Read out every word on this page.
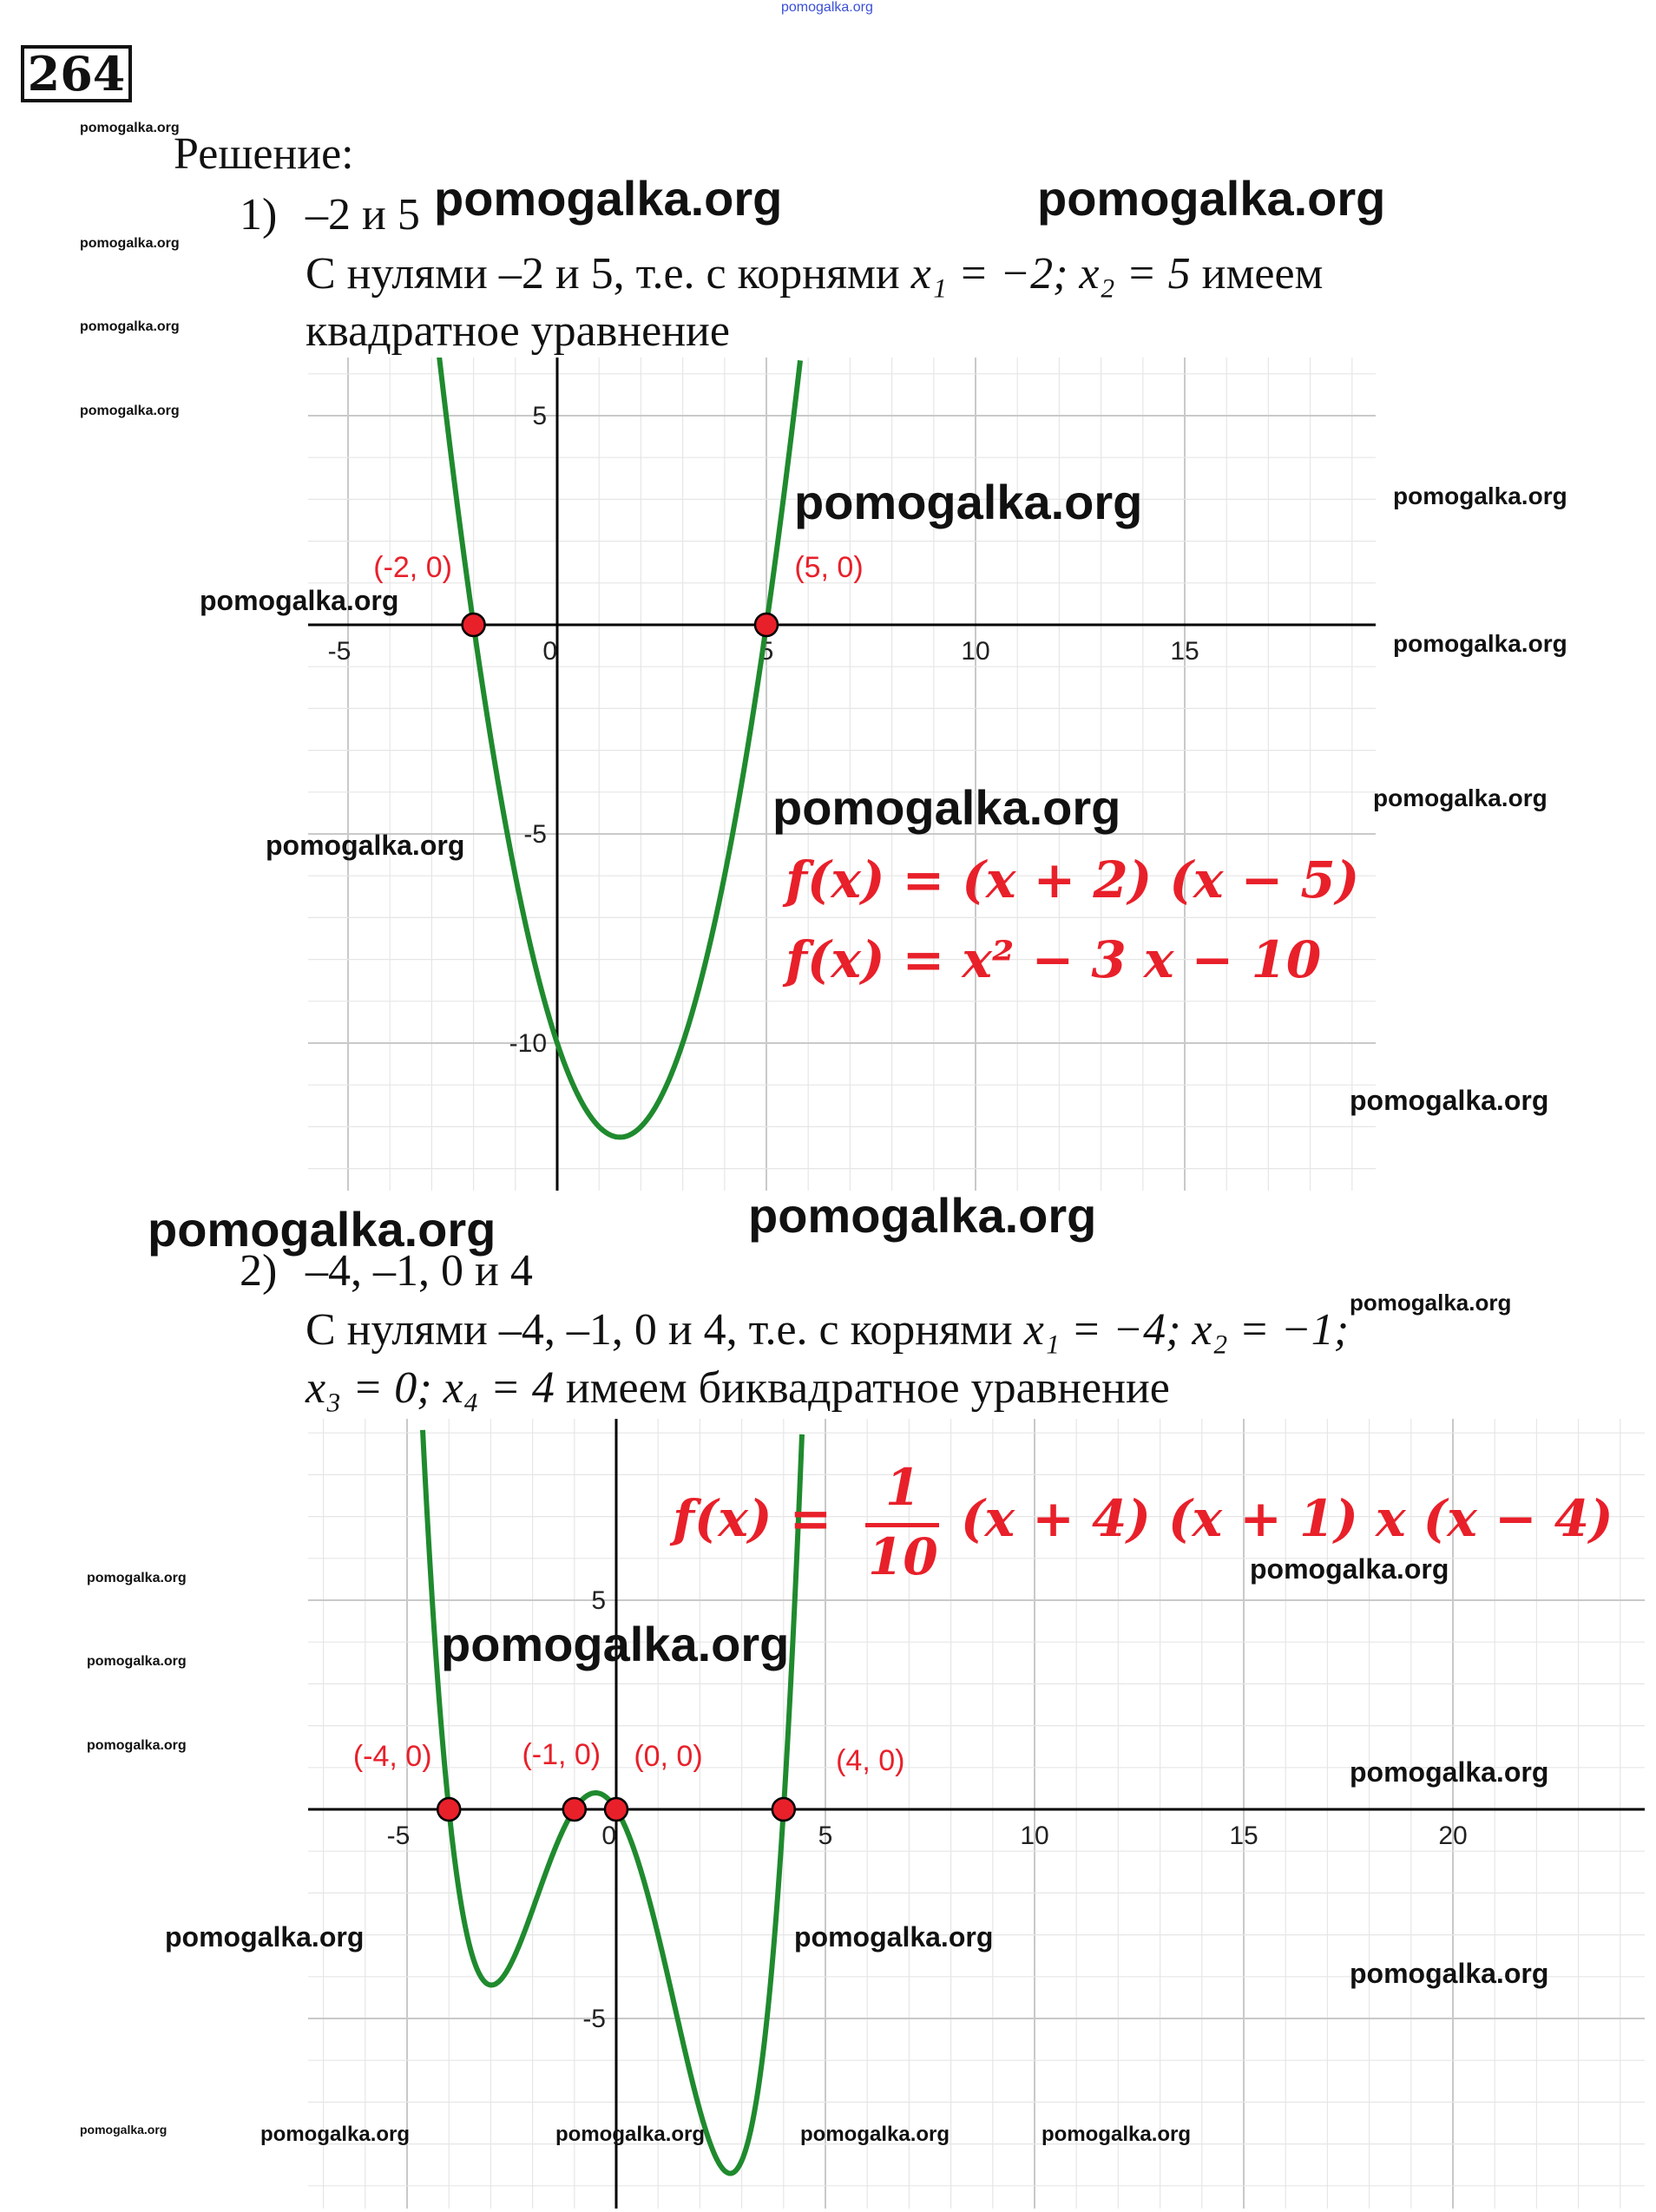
pomogalka.org
264
Решение:
1) –2 и 5
С нулями –2 и 5, т.е. с корнями x₁ = −2; x₂ = 5 имеем
квадратное уравнение
-5	0	5	10	15
5
-5
-10
(-2, 0)	(5, 0)
f(x) = (x + 2) (x − 5)
f(x) = x² − 3 x − 10
2) –4, –1, 0 и 4
С нулями –4, –1, 0 и 4, т.е. с корнями x₁ = −4; x₂ = −1;
x₃ = 0; x₄ = 4 имеем биквадратное уравнение
-5	0	5	10	15	20
5
-5
(-4, 0)	(-1, 0) (0, 0)	(4, 0)
f(x) =
1
10
(x + 4) (x + 1) x (x − 4)
pomogalka.org	pomogalka.org
pomogalka.org
pomogalka.org
pomogalka.org	pomogalka.org
pomogalka.org
pomogalka.org
pomogalka.org
pomogalka.org
pomogalka.org
pomogalka.org
pomogalka.org	pomogalka.org
pomogalka.org
pomogalka.org
pomogalka.org
pomogalka.org
pomogalka.org
pomogalka.org	pomogalka.org	pomogalka.org	pomogalka.org
pomogalka.org
pomogalka.org
pomogalka.org
pomogalka.org
pomogalka.org
pomogalka.org
pomogalka.org
pomogalka.org
